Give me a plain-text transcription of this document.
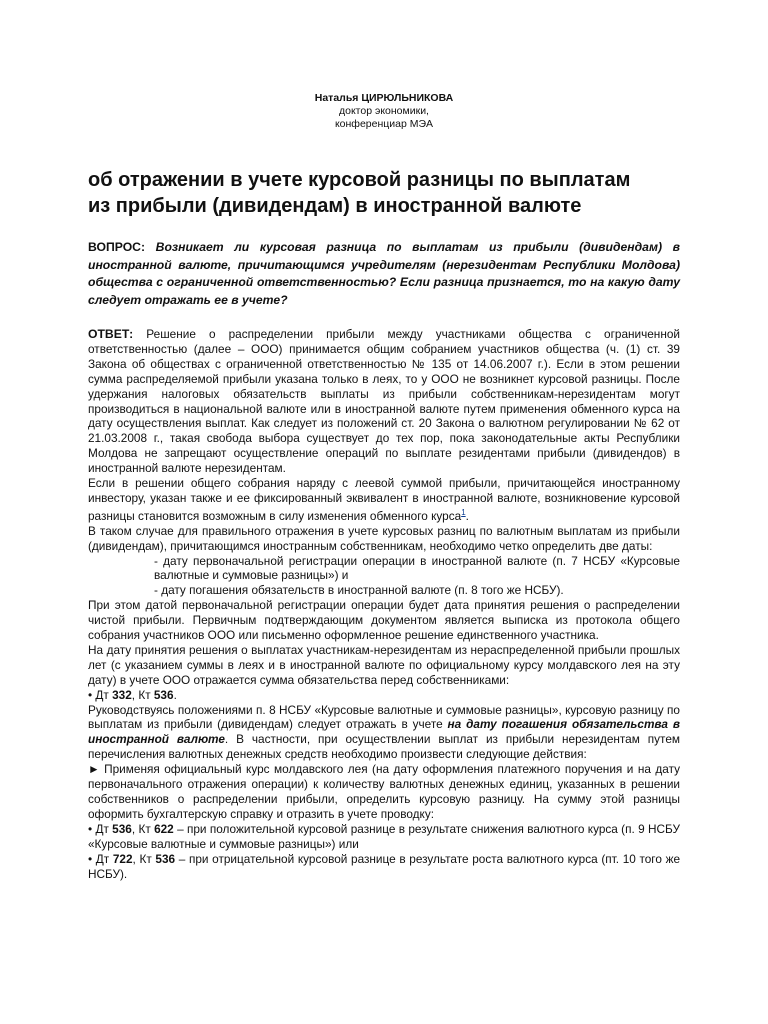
Наталья ЦИРЮЛЬНИКОВА
доктор экономики,
конференциар МЭА
об отражении в учете курсовой разницы по выплатам
из прибыли (дивидендам) в иностранной валюте
ВОПРОС: Возникает ли курсовая разница по выплатам из прибыли (дивидендам) в иностранной валюте, причитающимся учредителям (нерезидентам Республики Молдова) общества с ограниченной ответственностью? Если разница признается, то на какую дату следует отражать ее в учете?

ОТВЕТ: Решение о распределении прибыли между участниками общества с ограниченной ответственностью (далее – ООО) принимается общим собранием участников общества (ч. (1) ст. 39 Закона об обществах с ограниченной ответственностью № 135 от 14.06.2007 г.). Если в этом решении сумма распределяемой прибыли указана только в леях, то у ООО не возникнет курсовой разницы. После удержания налоговых обязательств выплаты из прибыли собственникам-нерезидентам могут производиться в национальной валюте или в иностранной валюте путем применения обменного курса на дату осуществления выплат. Как следует из положений ст. 20 Закона о валютном регулировании № 62 от 21.03.2008 г., такая свобода выбора существует до тех пор, пока законодательные акты Республики Молдова не запрещают осуществление операций по выплате резидентами прибыли (дивидендов) в иностранной валюте нерезидентам.

Если в решении общего собрания наряду с леевой суммой прибыли, причитающейся иностранному инвестору, указан также и ее фиксированный эквивалент в иностранной валюте, возникновение курсовой разницы становится возможным в силу изменения обменного курса$^1$.

В таком случае для правильного отражения в учете курсовых разниц по валютным выплатам из прибыли (дивидендам), причитающимся иностранным собственникам, необходимо четко определить две даты:

- дату первоначальной регистрации операции в иностранной валюте (п. 7 НСБУ «Курсовые валютные и суммовые разницы») и

- дату погашения обязательств в иностранной валюте (п. 8 того же НСБУ).

При этом датой первоначальной регистрации операции будет дата принятия решения о распределении чистой прибыли. Первичным подтверждающим документом является выписка из протокола общего собрания участников ООО или письменно оформленное решение единственного участника.

На дату принятия решения о выплатах участникам-нерезидентам из нераспределенной прибыли прошлых лет (с указанием суммы в леях и в иностранной валюте по официальному курсу молдавского лея на эту дату) в учете ООО отражается сумма обязательства перед собственниками:

• Дт 332, Кт 536.

Руководствуясь положениями п. 8 НСБУ «Курсовые валютные и суммовые разницы», курсовую разницу по выплатам из прибыли (дивидендам) следует отражать в учете на дату погашения обязательства в иностранной валюте. В частности, при осуществлении выплат из прибыли нерезидентам путем перечисления валютных денежных средств необходимо произвести следующие действия:

► Применяя официальный курс молдавского лея (на дату оформления платежного поручения и на дату первоначального отражения операции) к количеству валютных денежных единиц, указанных в решении собственников о распределении прибыли, определить курсовую разницу. На сумму этой разницы оформить бухгалтерскую справку и отразить в учете проводку:

• Дт 536, Кт 622 – при положительной курсовой разнице в результате снижения валютного курса (п. 9 НСБУ «Курсовые валютные и суммовые разницы») или

• Дт 722, Кт 536 – при отрицательной курсовой разнице в результате роста валютного курса (пт. 10 того же НСБУ).
